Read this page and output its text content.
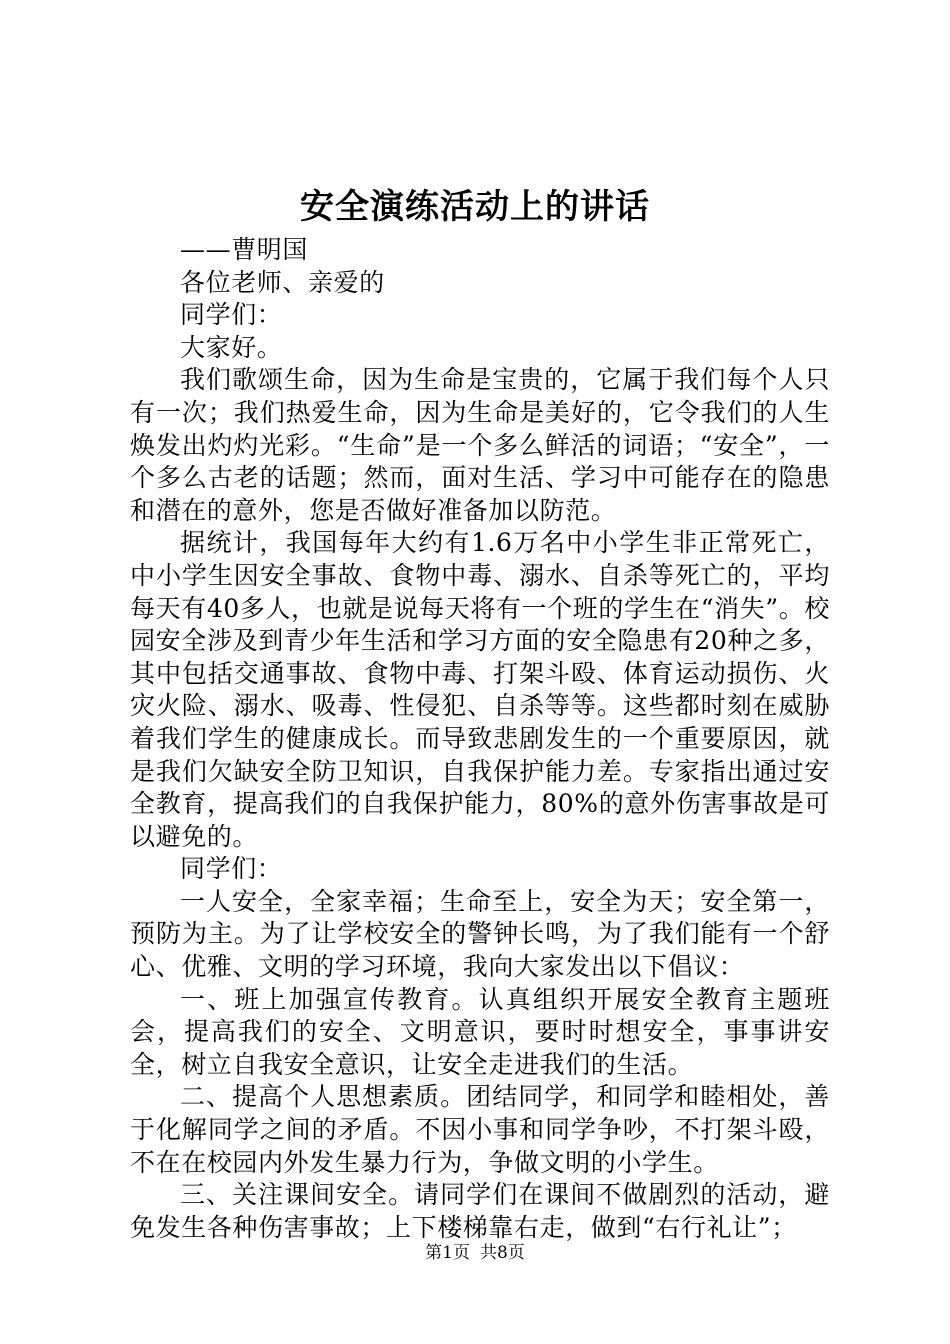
安全演练活动上的讲话

——曹明国

各位老师、亲爱的

同学们：

大家好。

我们歌颂生命，因为生命是宝贵的，它属于我们每个人只有一次；我们热爱生命，因为生命是美好的，它令我们的人生焕发出灼灼光彩。“生命”是一个多么鲜活的词语；“安全”，一个多么古老的话题；然而，面对生活、学习中可能存在的隐患和潜在的意外，您是否做好准备加以防范。

据统计，我国每年大约有1.6万名中小学生非正常死亡，中小学生因安全事故、食物中毒、溺水、自杀等死亡的，平均每天有40多人，也就是说每天将有一个班的学生在“消失”。校园安全涉及到青少年生活和学习方面的安全隐患有20种之多，其中包括交通事故、食物中毒、打架斗殴、体育运动损伤、火灾火险、溺水、吸毒、性侵犯、自杀等等。这些都时刻在威胁着我们学生的健康成长。而导致悲剧发生的一个重要原因，就是我们欠缺安全防卫知识，自我保护能力差。专家指出通过安全教育，提高我们的自我保护能力，80%的意外伤害事故是可以避免的。

同学们：

一人安全，全家幸福；生命至上，安全为天；安全第一，预防为主。为了让学校安全的警钟长鸣，为了我们能有一个舒心、优雅、文明的学习环境，我向大家发出以下倡议：

一、班上加强宣传教育。认真组织开展安全教育主题班会，提高我们的安全、文明意识，要时时想安全，事事讲安全，树立自我安全意识，让安全走进我们的生活。

二、提高个人思想素质。团结同学，和同学和睦相处，善于化解同学之间的矛盾。不因小事和同学争吵，不打架斗殴，不在在校园内外发生暴力行为，争做文明的小学生。

三、关注课间安全。请同学们在课间不做剧烈的活动，避免发生各种伤害事故；上下楼梯靠右走，做到“右行礼让”；

第1页 共8页
